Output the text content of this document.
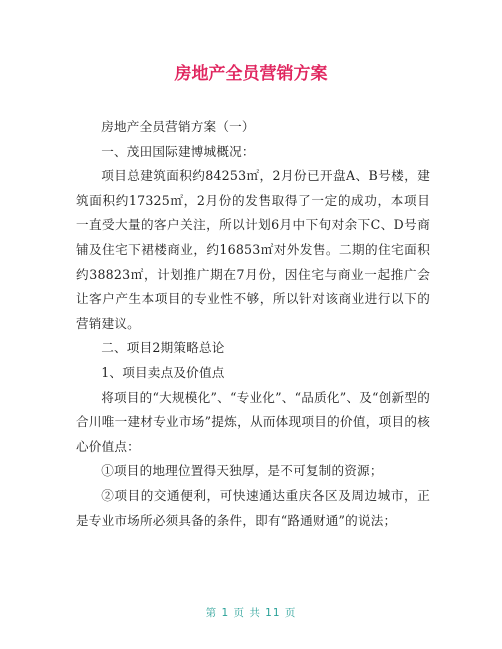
房地产全员营销方案

房地产全员营销方案（一）

一、茂田国际建博城概况：

项目总建筑面积约84253㎡，2月份已开盘A、B号楼，建筑面积约17325㎡，2月份的发售取得了一定的成功，本项目一直受大量的客户关注，所以计划6月中下旬对余下C、D号商铺及住宅下裙楼商业，约16853㎡对外发售。二期的住宅面积约38823㎡，计划推广期在7月份，因住宅与商业一起推广会让客户产生本项目的专业性不够，所以针对该商业进行以下的营销建议。

二、项目2期策略总论

1、项目卖点及价值点

将项目的“大规模化”、“专业化”、“品质化”、及“创新型的合川唯一建材专业市场”提炼，从而体现项目的价值，项目的核心价值点：

①项目的地理位置得天独厚，是不可复制的资源；

②项目的交通便利，可快速通达重庆各区及周边城市，正是专业市场所必须具备的条件，即有“路通财通”的说法；

第 1 页 共 11 页
